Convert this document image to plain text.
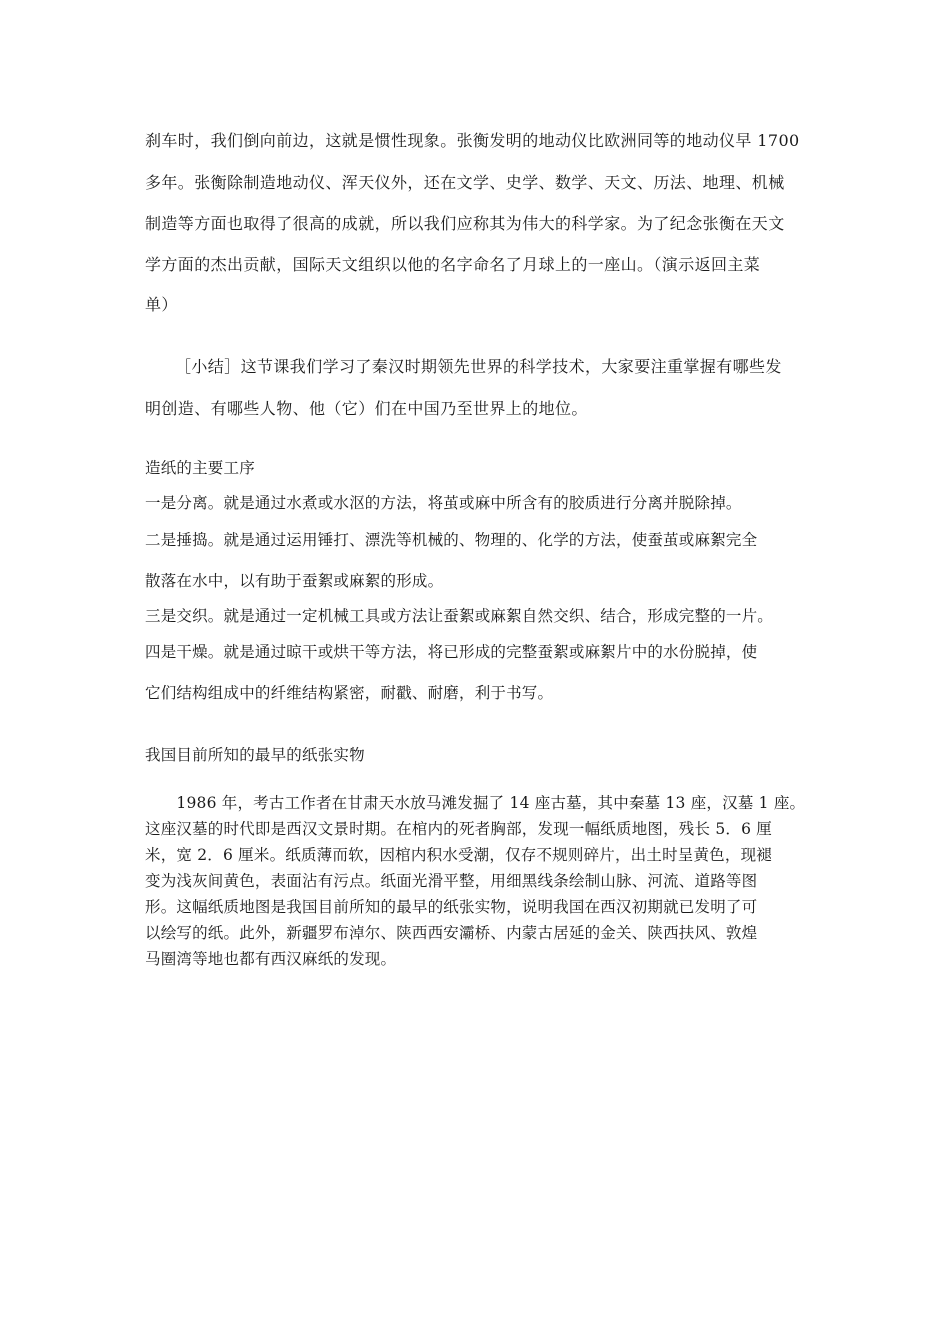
刹车时，我们倒向前边，这就是惯性现象。张衡发明的地动仪比欧洲同等的地动仪早 1700
多年。张衡除制造地动仪、浑天仪外，还在文学、史学、数学、天文、历法、地理、机械
制造等方面也取得了很高的成就，所以我们应称其为伟大的科学家。为了纪念张衡在天文
学方面的杰出贡献，国际天文组织以他的名字命名了月球上的一座山。（演示返回主菜
单）
［小结］这节课我们学习了秦汉时期领先世界的科学技术，大家要注重掌握有哪些发
明创造、有哪些人物、他（它）们在中国乃至世界上的地位。
造纸的主要工序
一是分离。就是通过水煮或水沤的方法，将茧或麻中所含有的胶质进行分离并脱除掉。
二是捶捣。就是通过运用锤打、漂洗等机械的、物理的、化学的方法，使蚕茧或麻絮完全
散落在水中，以有助于蚕絮或麻絮的形成。
三是交织。就是通过一定机械工具或方法让蚕絮或麻絮自然交织、结合，形成完整的一片。
四是干燥。就是通过晾干或烘干等方法，将已形成的完整蚕絮或麻絮片中的水份脱掉，使
它们结构组成中的纤维结构紧密，耐戳、耐磨，利于书写。
我国目前所知的最早的纸张实物
　　1986 年，考古工作者在甘肃天水放马滩发掘了 14 座古墓，其中秦墓 13 座，汉墓 1 座。
这座汉墓的时代即是西汉文景时期。在棺内的死者胸部，发现一幅纸质地图，残长 5．6 厘
米，宽 2．6 厘米。纸质薄而软，因棺内积水受潮，仅存不规则碎片，出土时呈黄色，现褪
变为浅灰间黄色，表面沾有污点。纸面光滑平整，用细黑线条绘制山脉、河流、道路等图
形。这幅纸质地图是我国目前所知的最早的纸张实物，说明我国在西汉初期就已发明了可
以绘写的纸。此外，新疆罗布淖尔、陕西西安灞桥、内蒙古居延的金关、陕西扶风、敦煌
马圈湾等地也都有西汉麻纸的发现。
